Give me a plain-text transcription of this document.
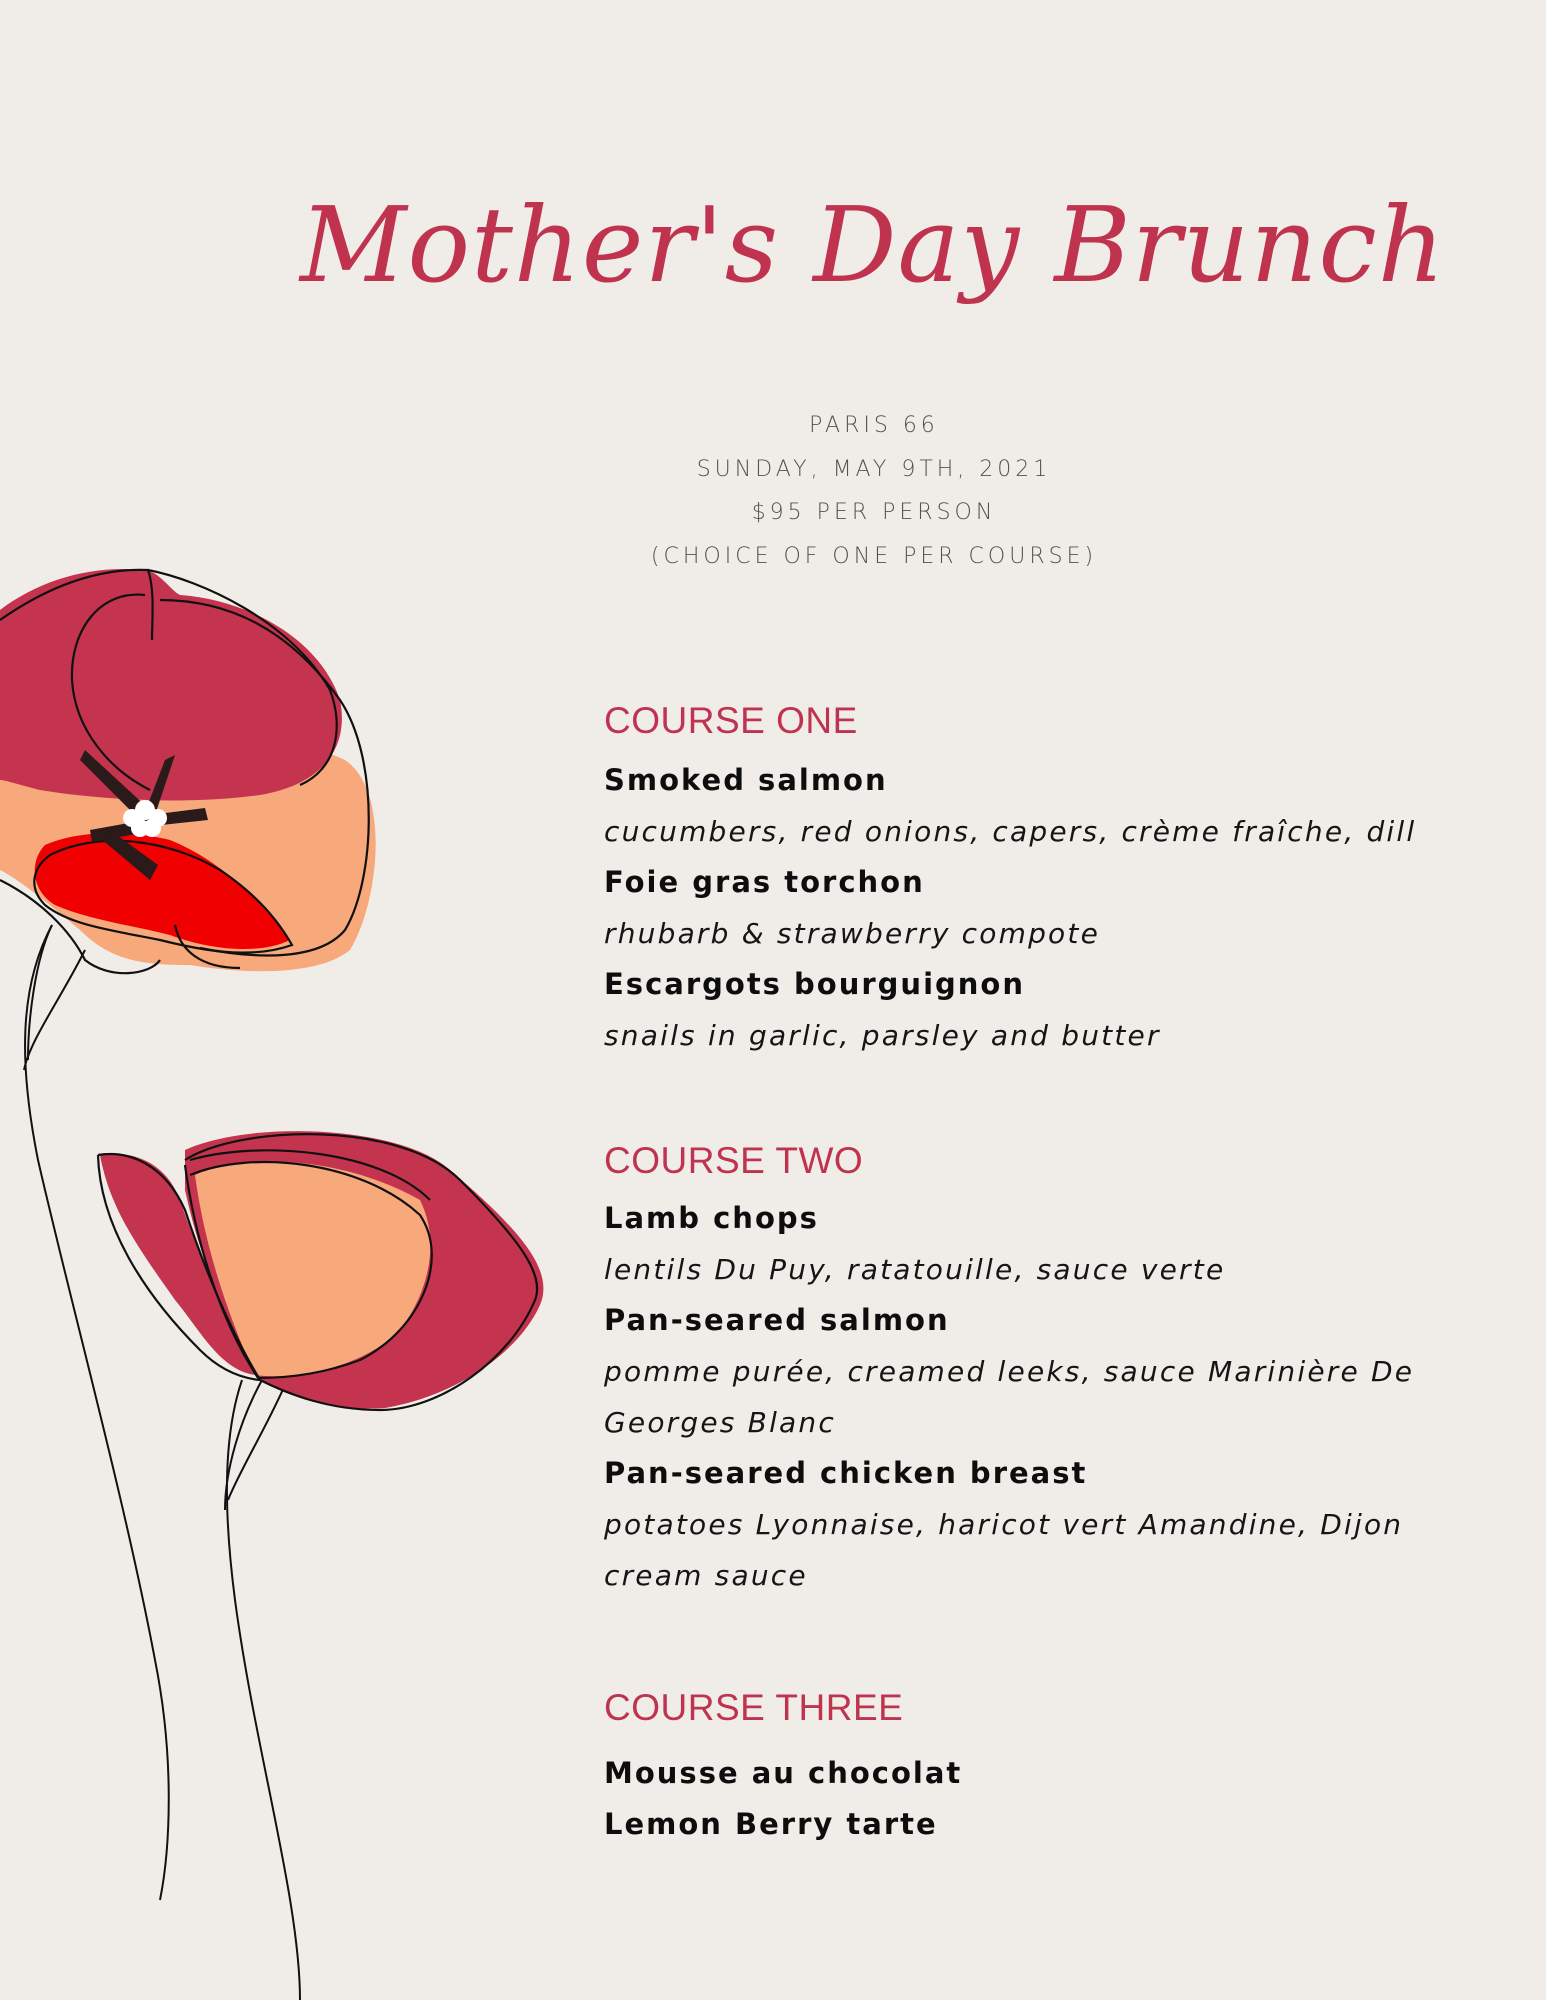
Mother's Day Brunch
PARIS 66
SUNDAY, MAY 9TH, 2021
$95 PER PERSON
(CHOICE OF ONE PER COURSE)
COURSE ONE
Smoked salmon
cucumbers, red onions, capers, crème fraîche, dill
Foie gras torchon
rhubarb & strawberry compote
Escargots bourguignon
snails in garlic, parsley and butter
COURSE TWO
Lamb chops
lentils Du Puy, ratatouille, sauce verte
Pan-seared salmon
pomme purée, creamed leeks, sauce Marinière De Georges Blanc
Pan-seared chicken breast
potatoes Lyonnaise, haricot vert Amandine, Dijon cream sauce
COURSE THREE
Mousse au chocolat
Lemon Berry tarte
